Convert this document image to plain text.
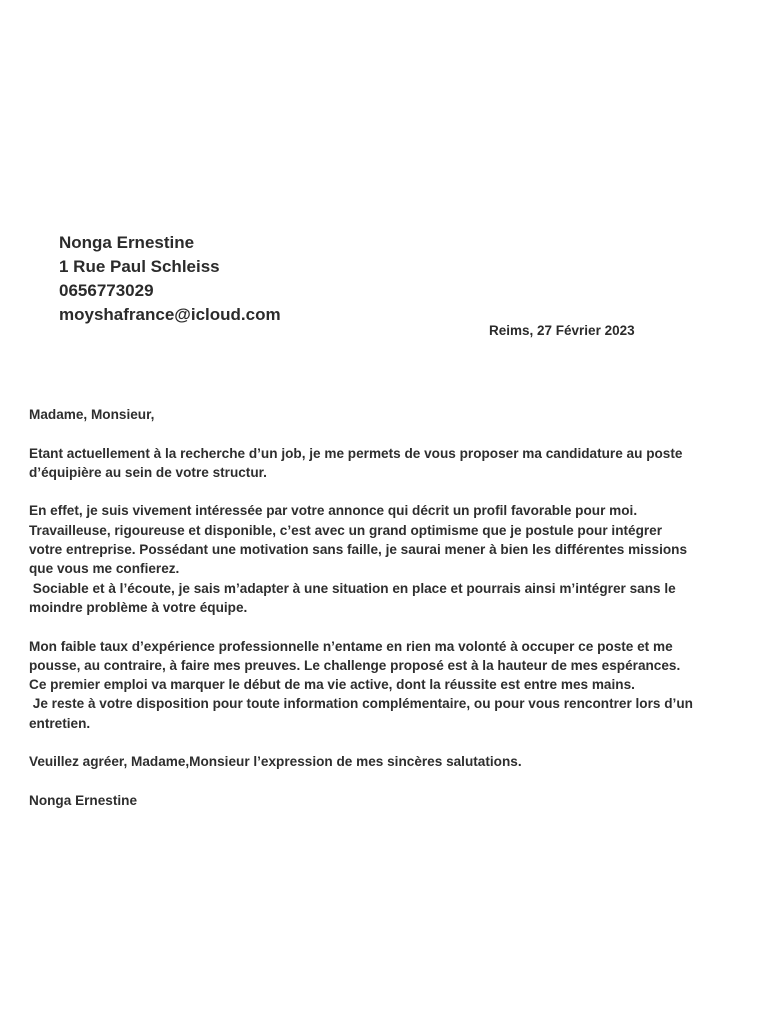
Nonga Ernestine
1 Rue Paul Schleiss
0656773029
moyshafrance@icloud.com
Reims, 27 Février 2023

Madame, Monsieur,

Etant actuellement à la recherche d’un job, je me permets de vous proposer ma candidature au poste
d’équipière au sein de votre structur.

En effet, je suis vivement intéressée par votre annonce qui décrit un profil favorable pour moi.
Travailleuse, rigoureuse et disponible, c’est avec un grand optimisme que je postule pour intégrer
votre entreprise. Possédant une motivation sans faille, je saurai mener à bien les différentes missions
que vous me confierez.
Sociable et à l’écoute, je sais m’adapter à une situation en place et pourrais ainsi m’intégrer sans le
moindre problème à votre équipe.

Mon faible taux d’expérience professionnelle n’entame en rien ma volonté à occuper ce poste et me
pousse, au contraire, à faire mes preuves. Le challenge proposé est à la hauteur de mes espérances.
Ce premier emploi va marquer le début de ma vie active, dont la réussite est entre mes mains.
Je reste à votre disposition pour toute information complémentaire, ou pour vous rencontrer lors d’un
entretien.

Veuillez agréer, Madame,Monsieur l’expression de mes sincères salutations.

Nonga Ernestine
